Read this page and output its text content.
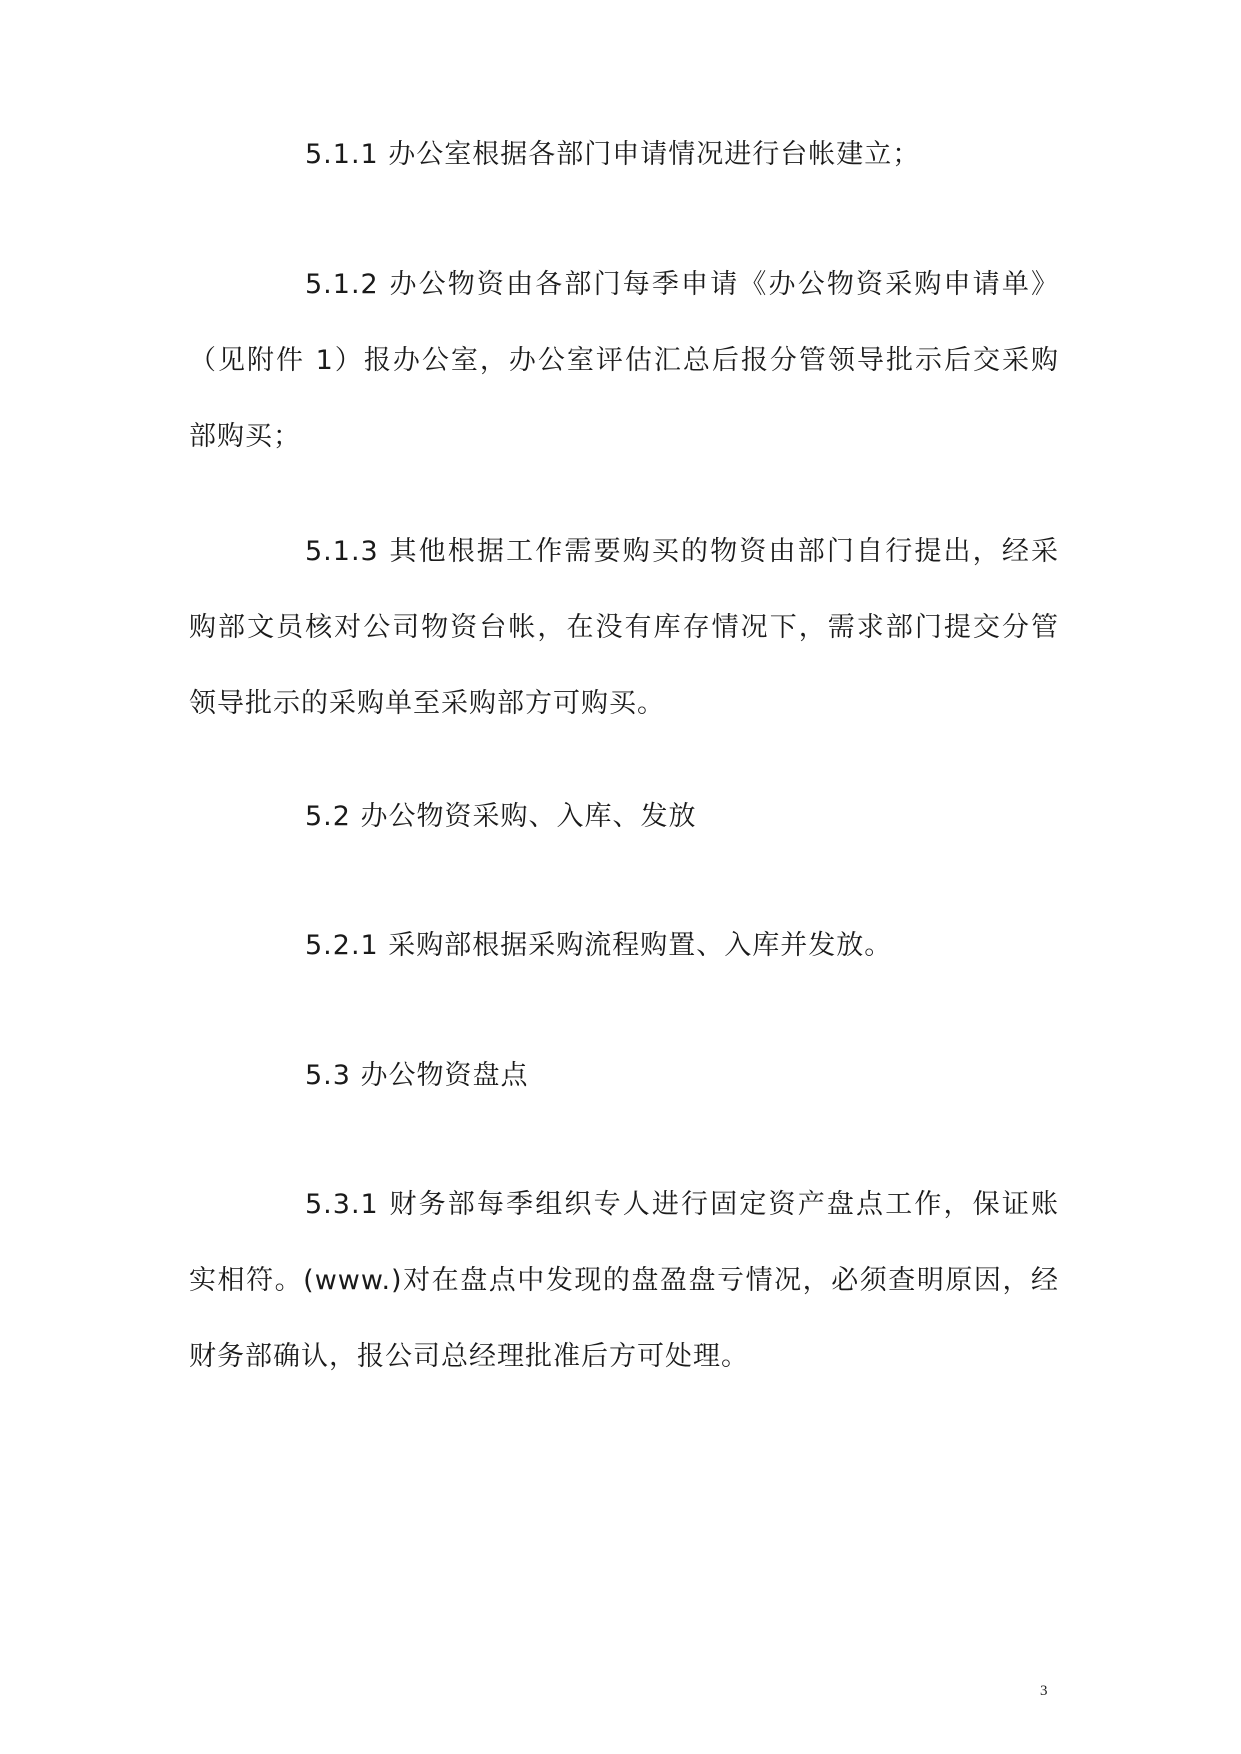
5.1.1 办公室根据各部门申请情况进行台帐建立；

5.1.2 办公物资由各部门每季申请《办公物资采购申请单》
（见附件 1）报办公室，办公室评估汇总后报分管领导批示后交采购
部购买；

5.1.3 其他根据工作需要购买的物资由部门自行提出，经采
购部文员核对公司物资台帐，在没有库存情况下，需求部门提交分管
领导批示的采购单至采购部方可购买。

5.2 办公物资采购、入库、发放

5.2.1 采购部根据采购流程购置、入库并发放。

5.3 办公物资盘点

5.3.1 财务部每季组织专人进行固定资产盘点工作，保证账
实相符。(www.)对在盘点中发现的盘盈盘亏情况，必须查明原因，经
财务部确认，报公司总经理批准后方可处理。

3
